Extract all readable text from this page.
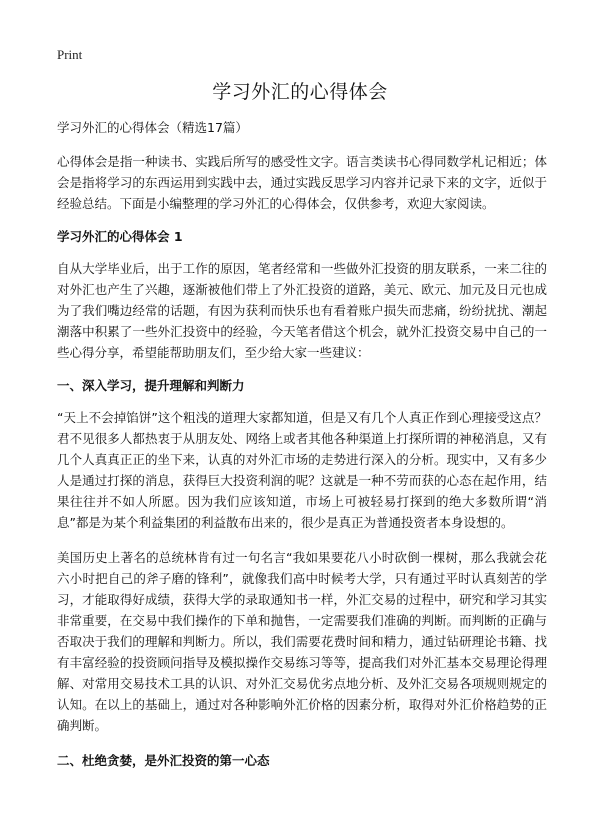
Print
学习外汇的心得体会

学习外汇的心得体会（精选17篇）

心得体会是指一种读书、实践后所写的感受性文字。语言类读书心得同数学札记相近；体会是指将学习的东西运用到实践中去，通过实践反思学习内容并记录下来的文字，近似于经验总结。下面是小编整理的学习外汇的心得体会，仅供参考，欢迎大家阅读。

学习外汇的心得体会 1

自从大学毕业后，出于工作的原因，笔者经常和一些做外汇投资的朋友联系，一来二往的对外汇也产生了兴趣，逐渐被他们带上了外汇投资的道路，美元、欧元、加元及日元也成为了我们嘴边经常的话题，有因为获利而快乐也有看着账户损失而悲痛，纷纷扰扰、潮起潮落中积累了一些外汇投资中的经验，今天笔者借这个机会，就外汇投资交易中自己的一些心得分享，希望能帮助朋友们，至少给大家一些建议：

一、深入学习，提升理解和判断力

“天上不会掉馅饼”这个粗浅的道理大家都知道，但是又有几个人真正作到心理接受这点？君不见很多人都热衷于从朋友处、网络上或者其他各种渠道上打探所谓的神秘消息，又有几个人真真正正的坐下来，认真的对外汇市场的走势进行深入的分析。现实中，又有多少人是通过打探的消息，获得巨大投资利润的呢？这就是一种不劳而获的心态在起作用，结果往往并不如人所愿。因为我们应该知道，市场上可被轻易打探到的绝大多数所谓“消息”都是为某个利益集团的利益散布出来的，很少是真正为普通投资者本身设想的。

美国历史上著名的总统林肯有过一句名言“我如果要花八小时砍倒一棵树，那么我就会花六小时把自己的斧子磨的锋利”，就像我们高中时候考大学，只有通过平时认真刻苦的学习，才能取得好成绩，获得大学的录取通知书一样，外汇交易的过程中，研究和学习其实非常重要，在交易中我们操作的下单和抛售，一定需要我们准确的判断。而判断的正确与否取决于我们的理解和判断力。所以，我们需要花费时间和精力，通过钻研理论书籍、找有丰富经验的投资顾问指导及模拟操作交易练习等等，提高我们对外汇基本交易理论得理解、对常用交易技术工具的认识、对外汇交易优劣点地分析、及外汇交易各项规则规定的认知。在以上的基础上，通过对各种影响外汇价格的因素分析，取得对外汇价格趋势的正确判断。

二、杜绝贪婪，是外汇投资的第一心态
